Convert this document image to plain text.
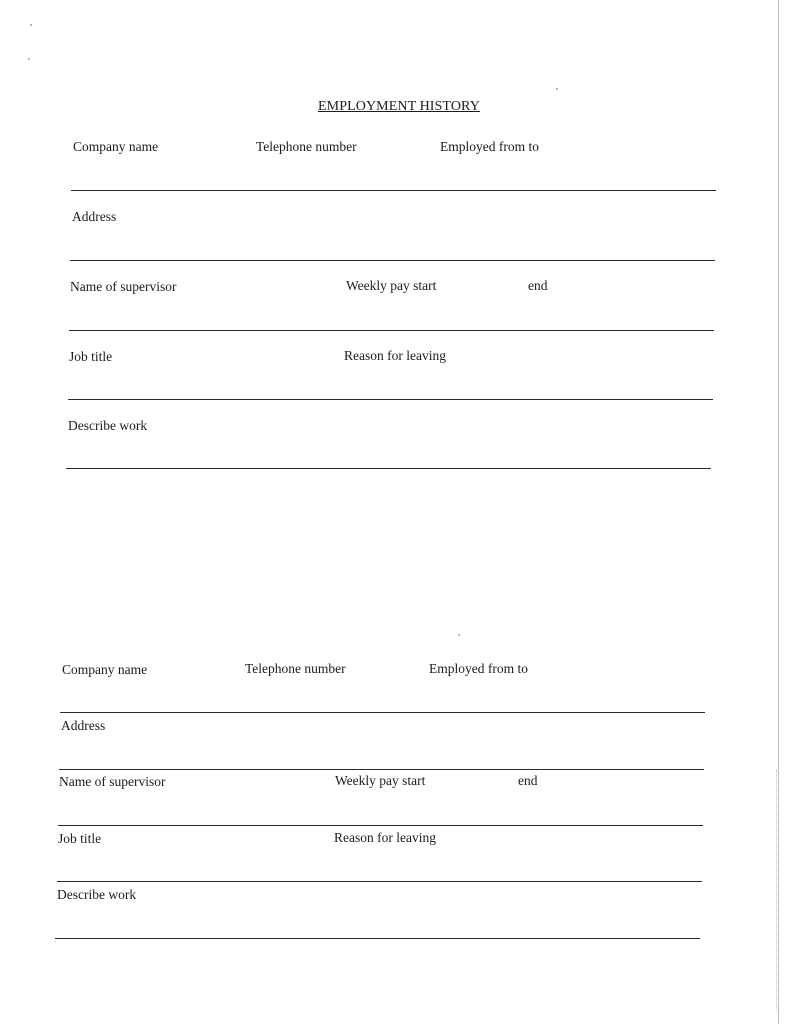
EMPLOYMENT HISTORY
Company name	Telephone number	Employed from to
Address
Name of supervisor	Weekly pay start	end
Job title	Reason for leaving
Describe work
Company name	Telephone number	Employed from to
Address
Name of supervisor	Weekly pay start	end
Job title	Reason for leaving
Describe work
